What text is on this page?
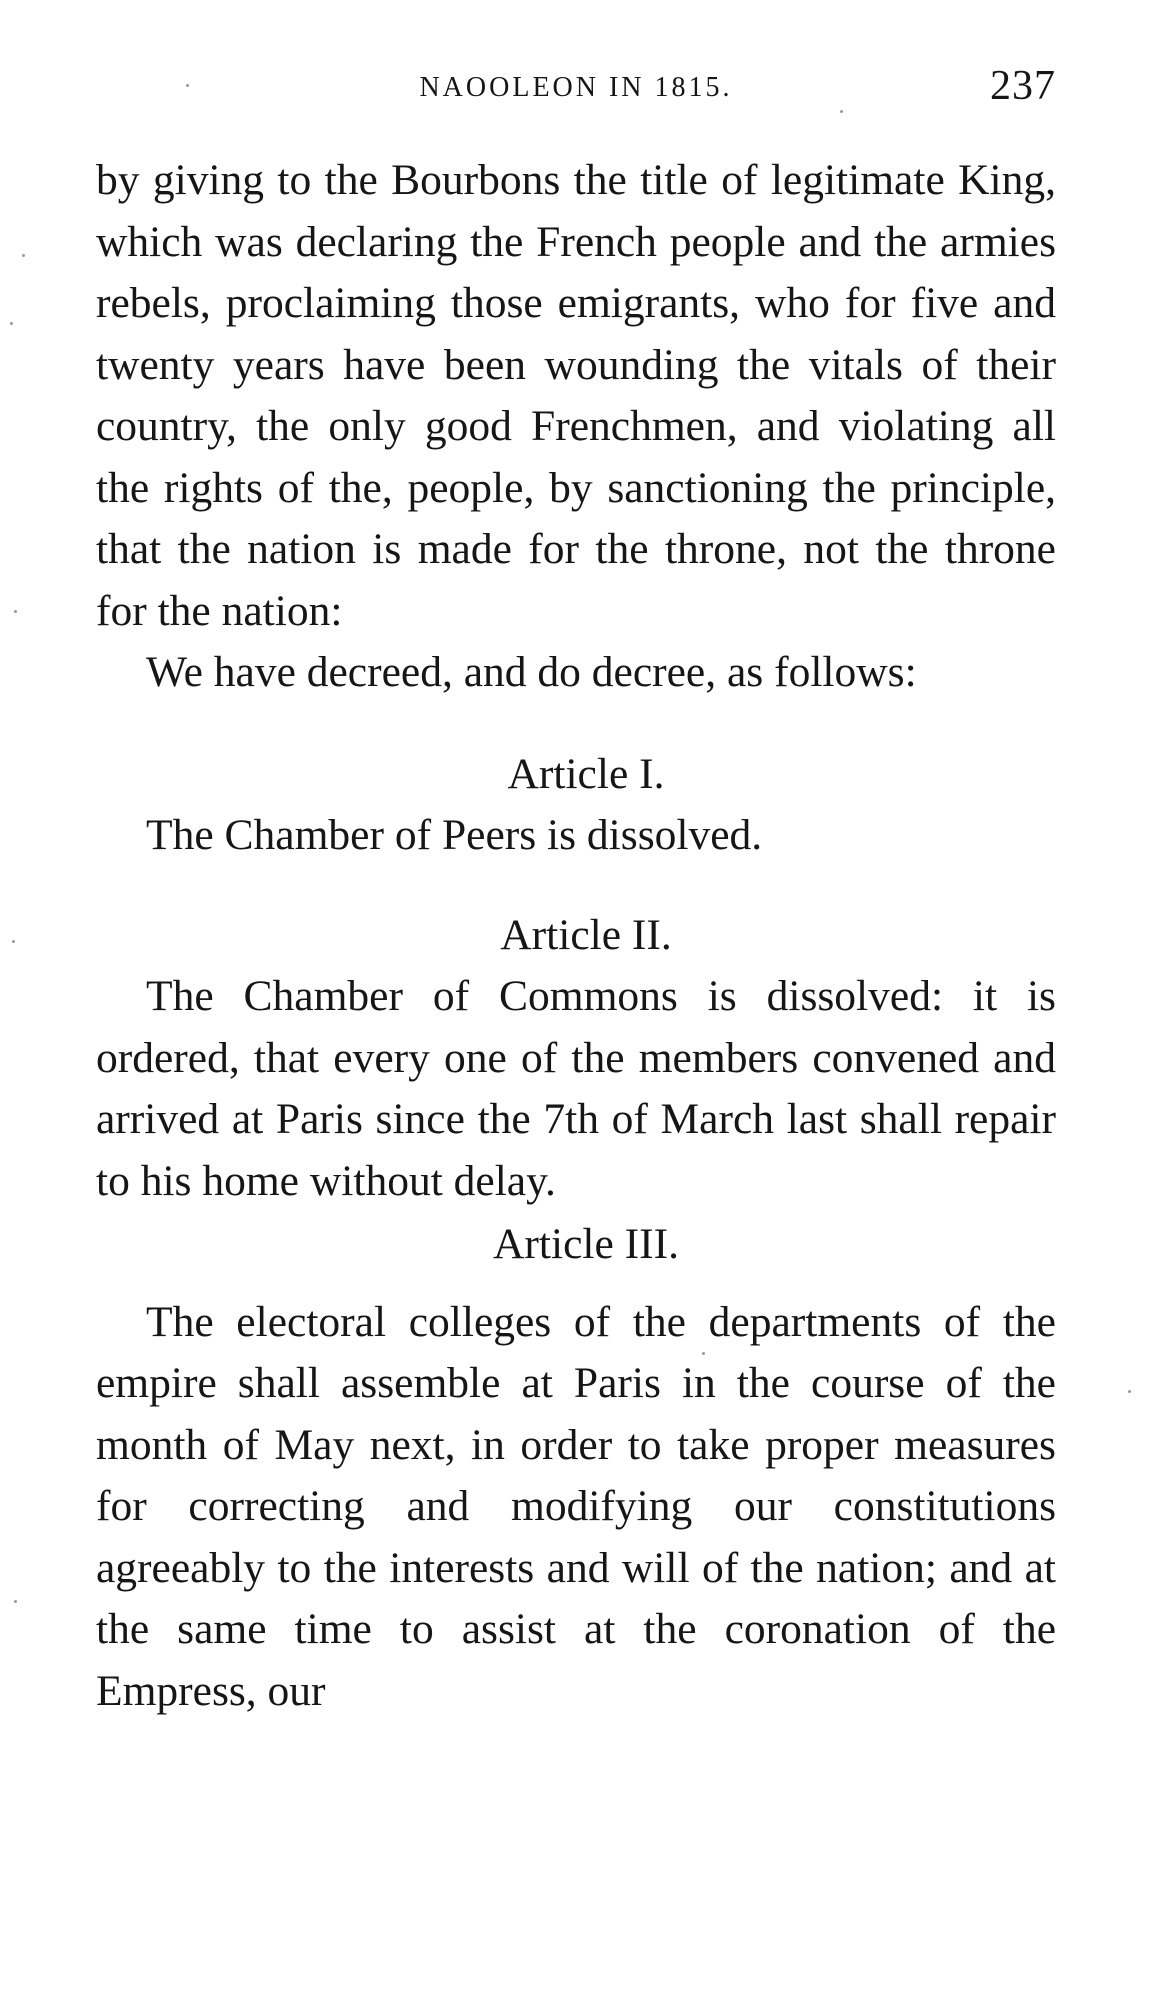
NAOOLEON IN 1815.	237

by giving to the Bourbons the title of legitimate King, which was declaring the French people and the armies rebels, proclaiming those emigrants, who for five and twenty years have been wounding the vitals of their country, the only good Frenchmen, and violating all the rights of the, people, by sanctioning the principle, that the nation is made for the throne, not the throne for the nation:

We have decreed, and do decree, as follows:

Article I.

The Chamber of Peers is dissolved.

Article II.

The Chamber of Commons is dissolved: it is ordered, that every one of the members convened and arrived at Paris since the 7th of March last shall repair to his home without delay.

Article III.

The electoral colleges of the departments of the empire shall assemble at Paris in the course of the month of May next, in order to take proper measures for correcting and modifying our constitutions agreeably to the interests and will of the nation; and at the same time to assist at the coronation of the Empress, our
